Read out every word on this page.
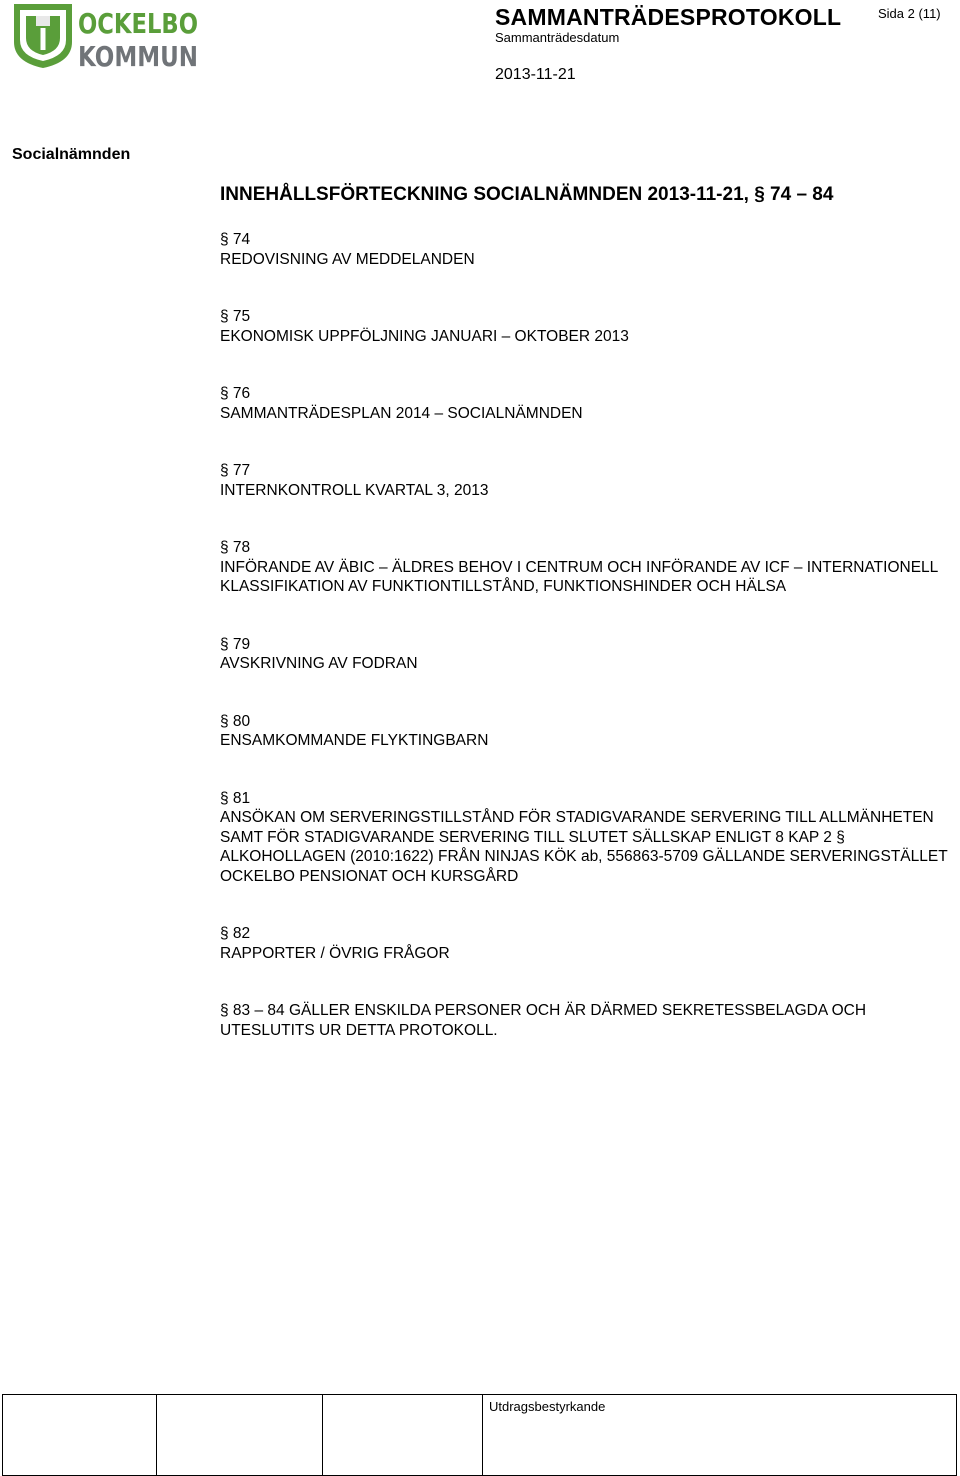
OCKELBO
KOMMUN
SAMMANTRÄDESPROTOKOLL
Sammanträdesdatum
2013-11-21
Sida 2 (11)
Socialnämnden
INNEHÅLLSFÖRTECKNING SOCIALNÄMNDEN 2013-11-21, § 74 – 84
§ 74
REDOVISNING AV MEDDELANDEN
§ 75
EKONOMISK UPPFÖLJNING JANUARI – OKTOBER 2013
§ 76
SAMMANTRÄDESPLAN 2014 – SOCIALNÄMNDEN
§ 77
INTERNKONTROLL KVARTAL 3, 2013
§ 78
INFÖRANDE AV ÄBIC – ÄLDRES BEHOV I CENTRUM OCH INFÖRANDE AV ICF – INTERNATIONELL KLASSIFIKATION AV FUNKTIONTILLSTÅND, FUNKTIONSHINDER OCH HÄLSA
§ 79
AVSKRIVNING AV FODRAN
§ 80
ENSAMKOMMANDE FLYKTINGBARN
§ 81
ANSÖKAN OM SERVERINGSTILLSTÅND FÖR STADIGVARANDE SERVERING TILL ALLMÄNHETEN SAMT FÖR STADIGVARANDE SERVERING TILL SLUTET SÄLLSKAP ENLIGT 8 KAP 2 § ALKOHOLLAGEN (2010:1622) FRÅN NINJAS KÖK ab, 556863-5709 GÄLLANDE SERVERINGSTÄLLET OCKELBO PENSIONAT OCH KURSGÅRD
§ 82
RAPPORTER / ÖVRIG FRÅGOR
§ 83 – 84 GÄLLER ENSKILDA PERSONER OCH ÄR DÄRMED SEKRETESSBELAGDA OCH UTESLUTITS UR DETTA PROTOKOLL.
			Utdragsbestyrkande
